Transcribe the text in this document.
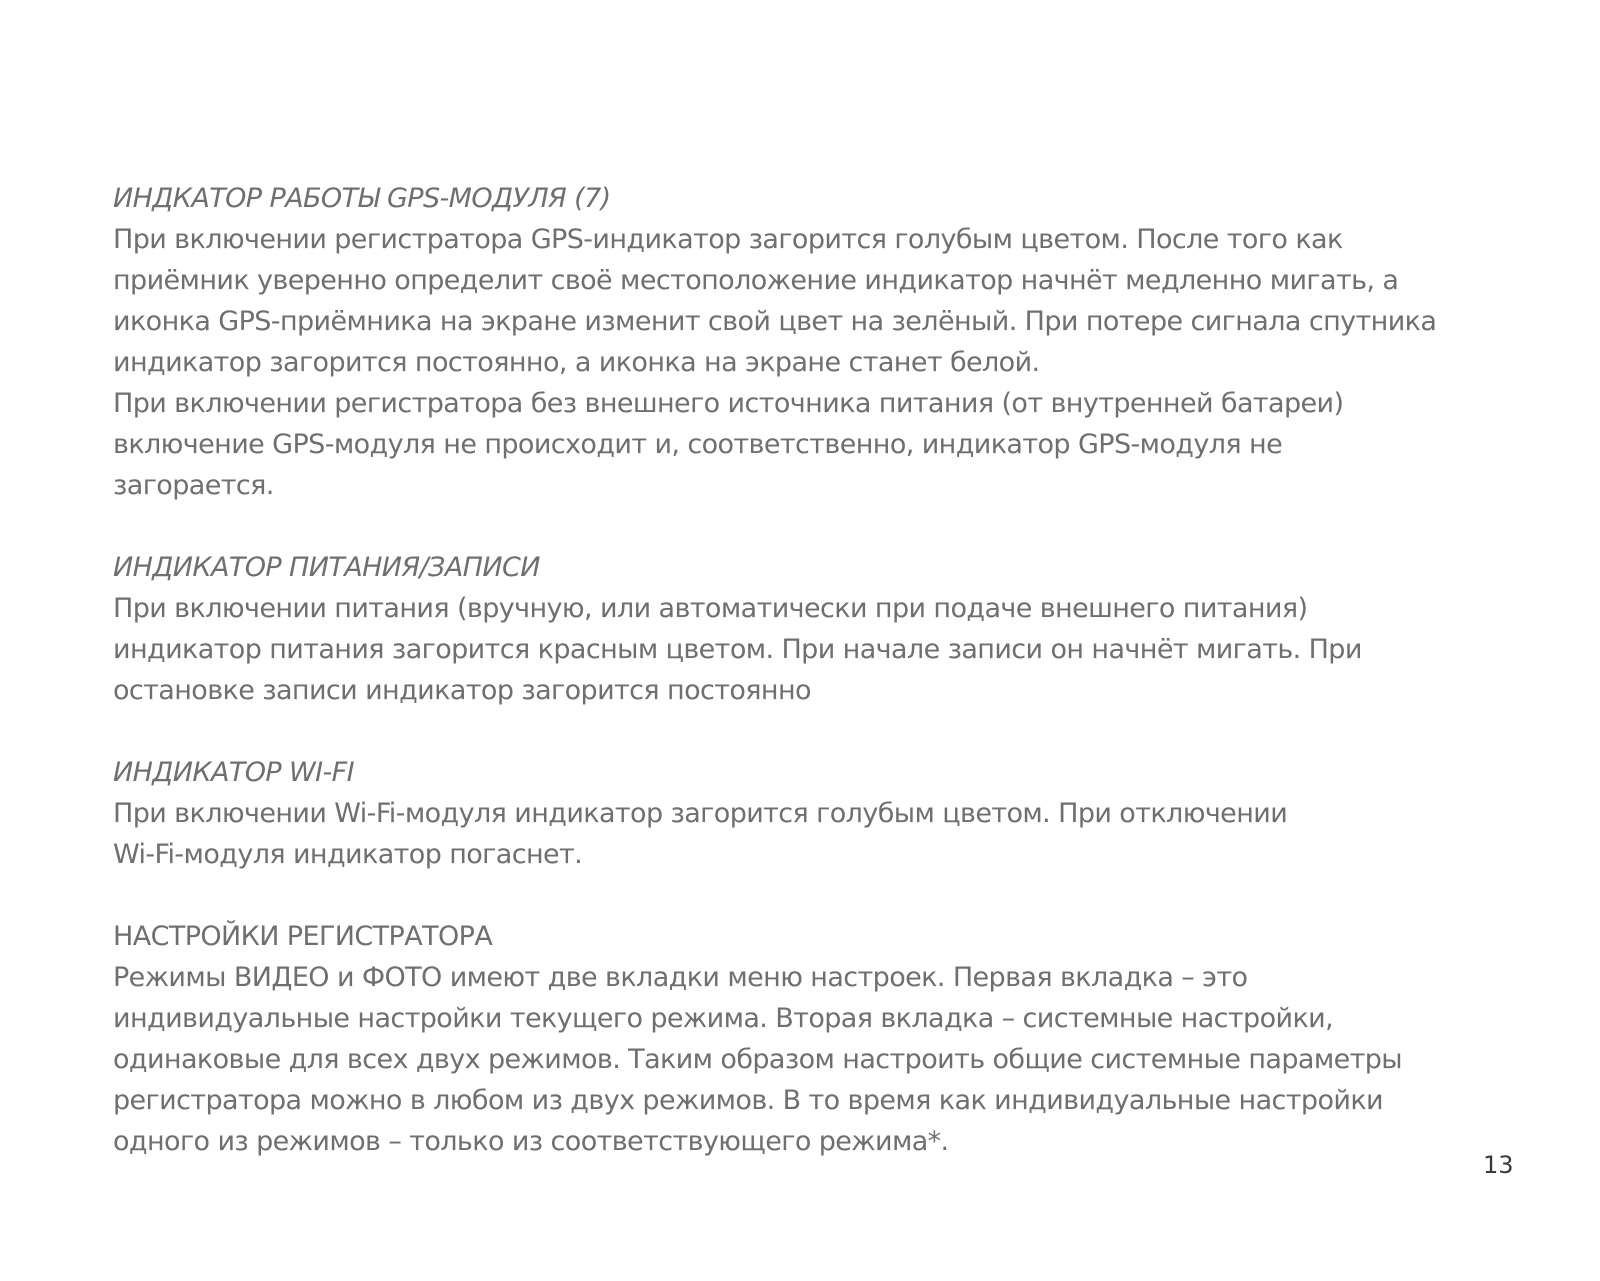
ИНДКАТОР РАБОТЫ GPS-МОДУЛЯ (7)
При включении регистратора GPS-индикатор загорится голубым цветом. После того как
приёмник уверенно определит своё местоположение индикатор начнёт медленно мигать, а
иконка GPS-приёмника на экране изменит свой цвет на зелёный. При потере сигнала спутника
индикатор загорится постоянно, а иконка на экране станет белой.
При включении регистратора без внешнего источника питания (от внутренней батареи)
включение GPS-модуля не происходит и, соответственно, индикатор GPS-модуля не
загорается.
ИНДИКАТОР ПИТАНИЯ/ЗАПИСИ
При включении питания (вручную, или автоматически при подаче внешнего питания)
индикатор питания загорится красным цветом. При начале записи он начнёт мигать. При
остановке записи индикатор загорится постоянно
ИНДИКАТОР WI-FI
При включении Wi-Fi-модуля индикатор загорится голубым цветом. При отключении
Wi-Fi-модуля индикатор погаснет.
НАСТРОЙКИ РЕГИСТРАТОРА
Режимы ВИДЕО и ФОТО имеют две вкладки меню настроек. Первая вкладка – это
индивидуальные настройки текущего режима. Вторая вкладка – системные настройки,
одинаковые для всех двух режимов. Таким образом настроить общие системные параметры
регистратора можно в любом из двух режимов. В то время как индивидуальные настройки
одного из режимов – только из соответствующего режима*.
13
